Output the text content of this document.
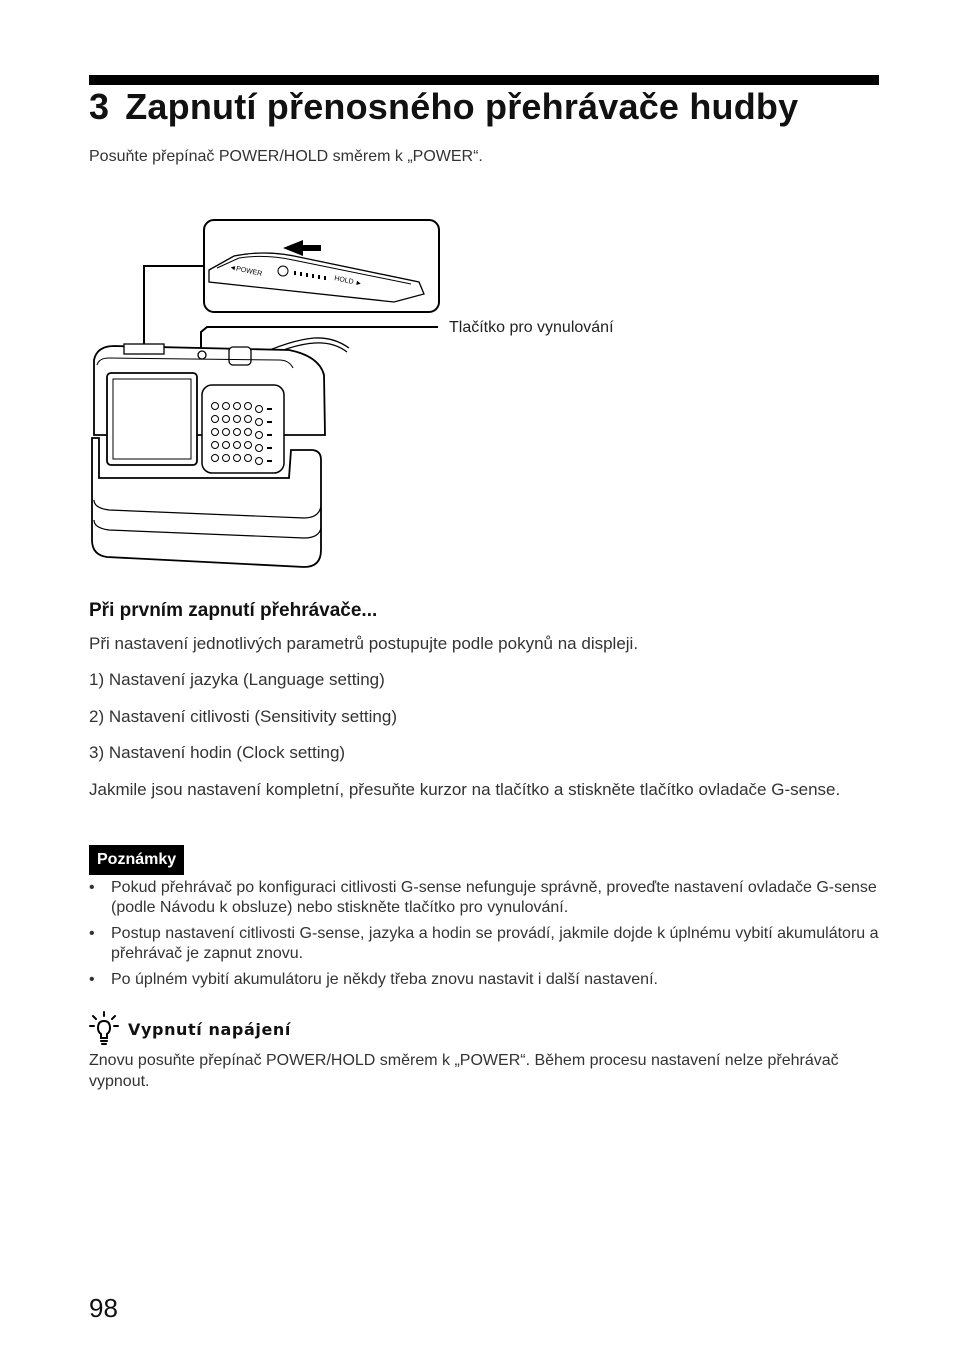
3 Zapnutí přenosného přehrávače hudby
Posuňte přepínač POWER/HOLD směrem k „POWER“.
◄POWER
HOLD ►
Tlačítko pro vynulování
Při prvním zapnutí přehrávače...

Při nastavení jednotlivých parametrů postupujte podle pokynů na displeji.

1) Nastavení jazyka (Language setting)

2) Nastavení citlivosti (Sensitivity setting)

3) Nastavení hodin (Clock setting)

Jakmile jsou nastavení kompletní, přesuňte kurzor na tlačítko a stiskněte tlačítko ovladače G-sense.

Poznámky
• Pokud přehrávač po konfiguraci citlivosti G-sense nefunguje správně, proveďte nastavení ovladače G-sense (podle Návodu k obsluze) nebo stiskněte tlačítko pro vynulování.
• Postup nastavení citlivosti G-sense, jazyka a hodin se provádí, jakmile dojde k úplnému vybití akumulátoru a přehrávač je zapnut znovu.
• Po úplném vybití akumulátoru je někdy třeba znovu nastavit i další nastavení.
Vypnutí napájení

Znovu posuňte přepínač POWER/HOLD směrem k „POWER“. Během procesu nastavení nelze přehrávač vypnout.

98
